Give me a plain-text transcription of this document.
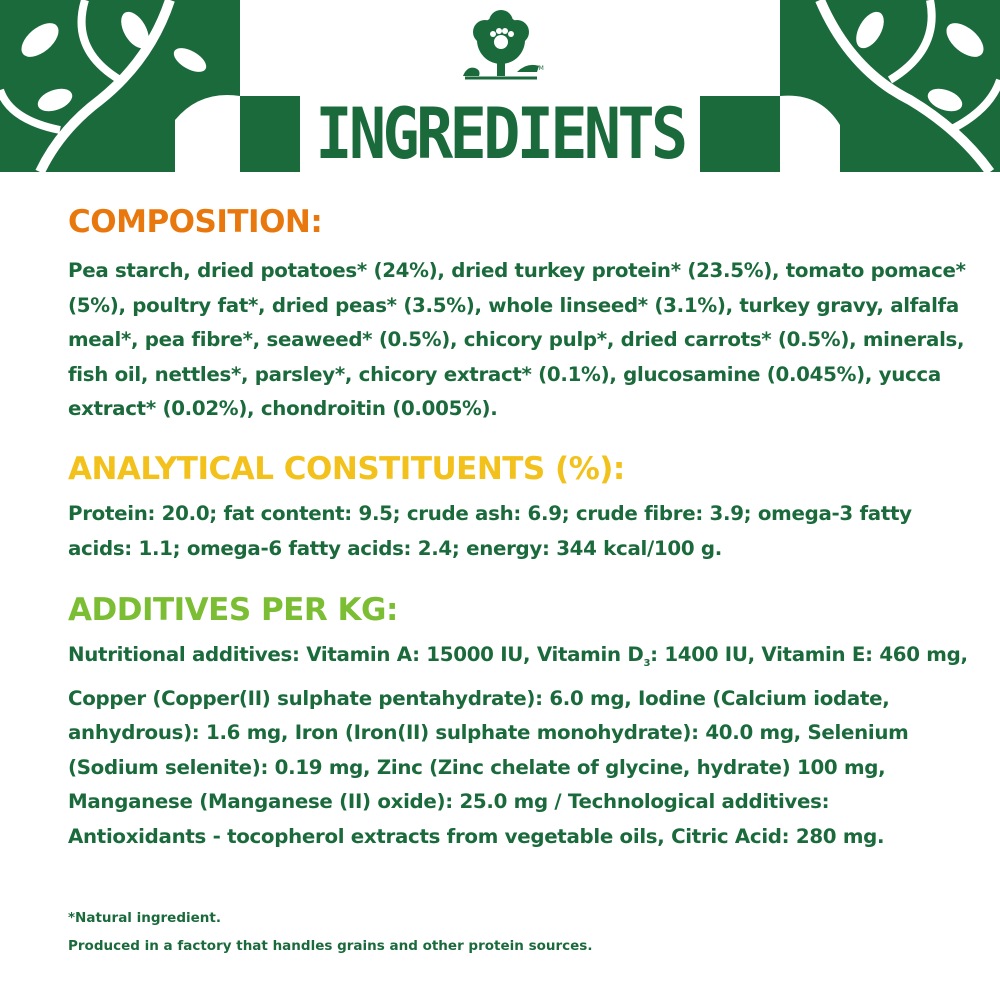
TM
INGREDIENTS
COMPOSITION:

Pea starch, dried potatoes* (24%), dried turkey protein* (23.5%), tomato pomace* (5%), poultry fat*, dried peas* (3.5%), whole linseed* (3.1%), turkey gravy, alfalfa meal*, pea fibre*, seaweed* (0.5%), chicory pulp*, dried carrots* (0.5%), minerals, fish oil, nettles*, parsley*, chicory extract* (0.1%), glucosamine (0.045%), yucca extract* (0.02%), chondroitin (0.005%).

ANALYTICAL CONSTITUENTS (%):

Protein: 20.0; fat content: 9.5; crude ash: 6.9; crude fibre: 3.9; omega-3 fatty acids: 1.1; omega-6 fatty acids: 2.4; energy: 344 kcal/100 g.

ADDITIVES PER KG:

Nutritional additives: Vitamin A: 15000 IU, Vitamin $D_3$: 1400 IU, Vitamin E: 460 mg, Copper (Copper(II) sulphate pentahydrate): 6.0 mg, Iodine (Calcium iodate, anhydrous): 1.6 mg, Iron (Iron(II) sulphate monohydrate): 40.0 mg, Selenium (Sodium selenite): 0.19 mg, Zinc (Zinc chelate of glycine, hydrate) 100 mg, Manganese (Manganese (II) oxide): 25.0 mg / Technological additives: Antioxidants - tocopherol extracts from vegetable oils, Citric Acid: 280 mg.

*Natural ingredient.
Produced in a factory that handles grains and other protein sources.
